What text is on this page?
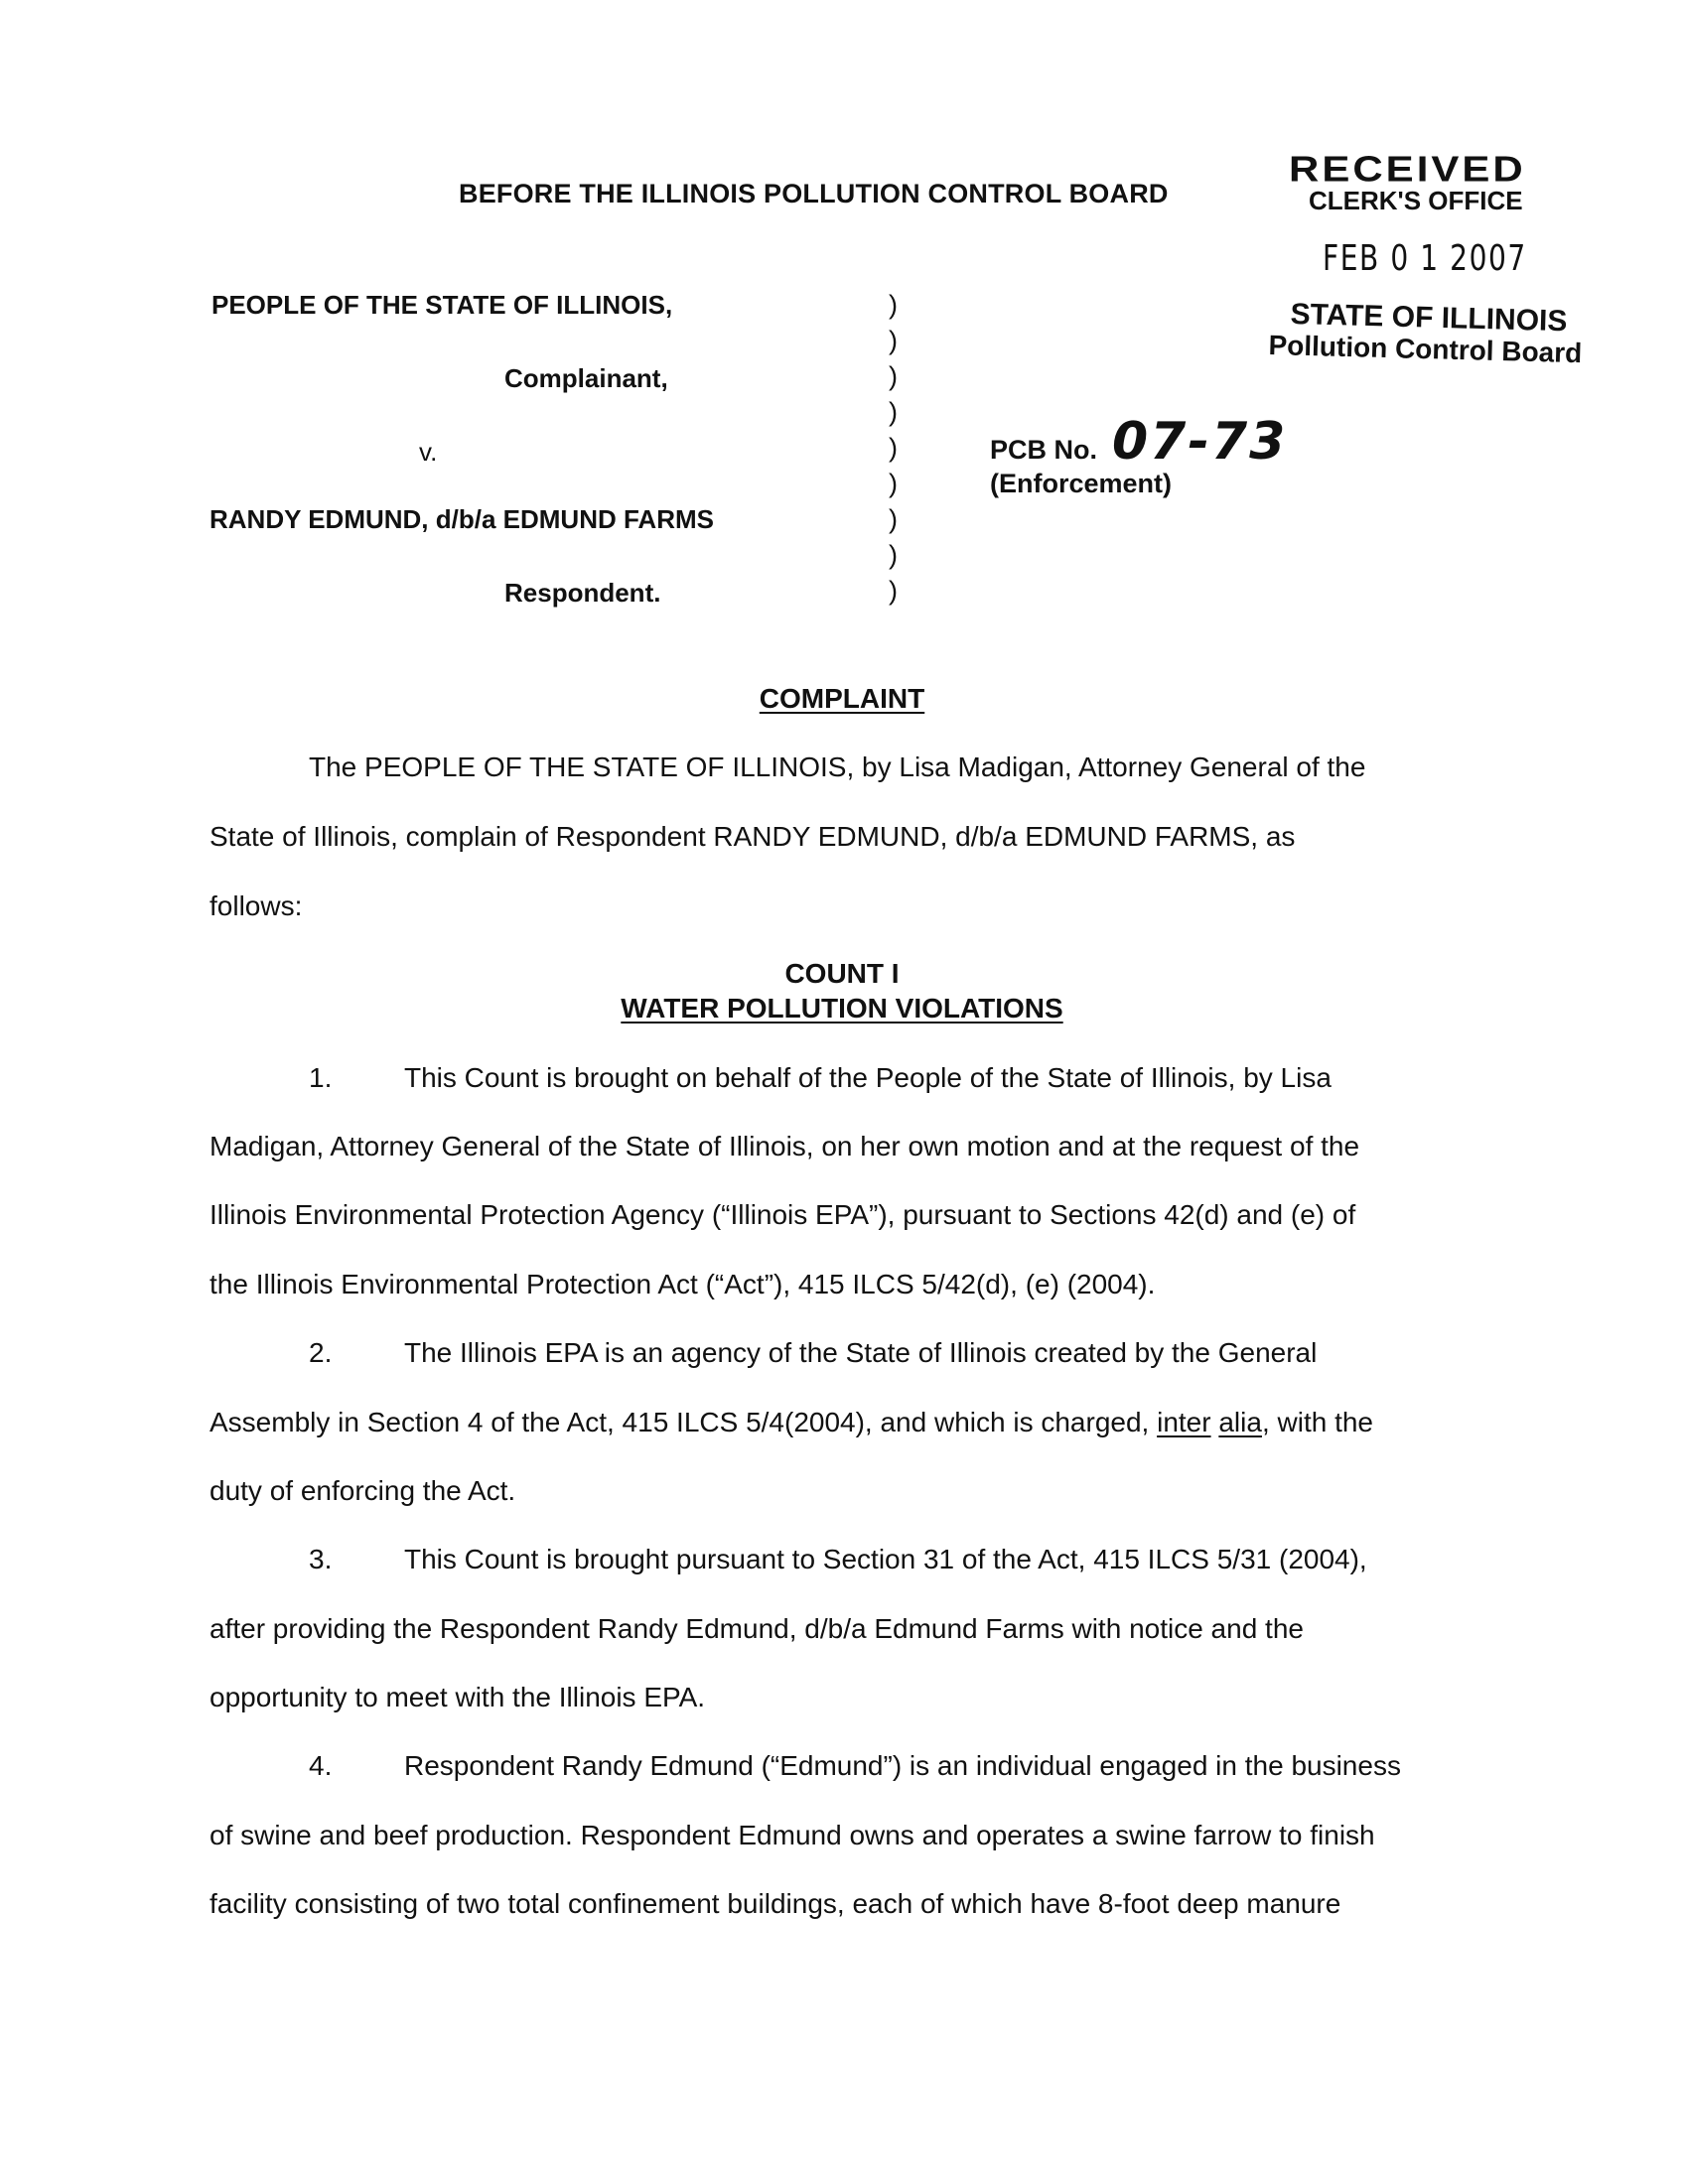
BEFORE THE ILLINOIS POLLUTION CONTROL BOARD
RECEIVED
CLERK'S OFFICE
FEB 0 1 2007
STATE OF ILLINOIS
Pollution Control Board
PEOPLE OF THE STATE OF ILLINOIS,
Complainant,
v.
RANDY EDMUND, d/b/a EDMUND FARMS
Respondent.
)
)
)
)
)
)
)
)
)
PCB No. 07-73
(Enforcement)
COMPLAINT
The PEOPLE OF THE STATE OF ILLINOIS, by Lisa Madigan, Attorney General of the
State of Illinois, complain of Respondent RANDY EDMUND, d/b/a EDMUND FARMS, as
follows:
COUNT I
WATER POLLUTION VIOLATIONS
1.	This Count is brought on behalf of the People of the State of Illinois, by Lisa
Madigan, Attorney General of the State of Illinois, on her own motion and at the request of the
Illinois Environmental Protection Agency (“Illinois EPA”), pursuant to Sections 42(d) and (e) of
the Illinois Environmental Protection Act (“Act”), 415 ILCS 5/42(d), (e) (2004).
2.	The Illinois EPA is an agency of the State of Illinois created by the General
Assembly in Section 4 of the Act, 415 ILCS 5/4(2004), and which is charged, inter alia, with the
duty of enforcing the Act.
3.	This Count is brought pursuant to Section 31 of the Act, 415 ILCS 5/31 (2004),
after providing the Respondent Randy Edmund, d/b/a Edmund Farms with notice and the
opportunity to meet with the Illinois EPA.
4.	Respondent Randy Edmund (“Edmund”) is an individual engaged in the business
of swine and beef production. Respondent Edmund owns and operates a swine farrow to finish
facility consisting of two total confinement buildings, each of which have 8-foot deep manure
